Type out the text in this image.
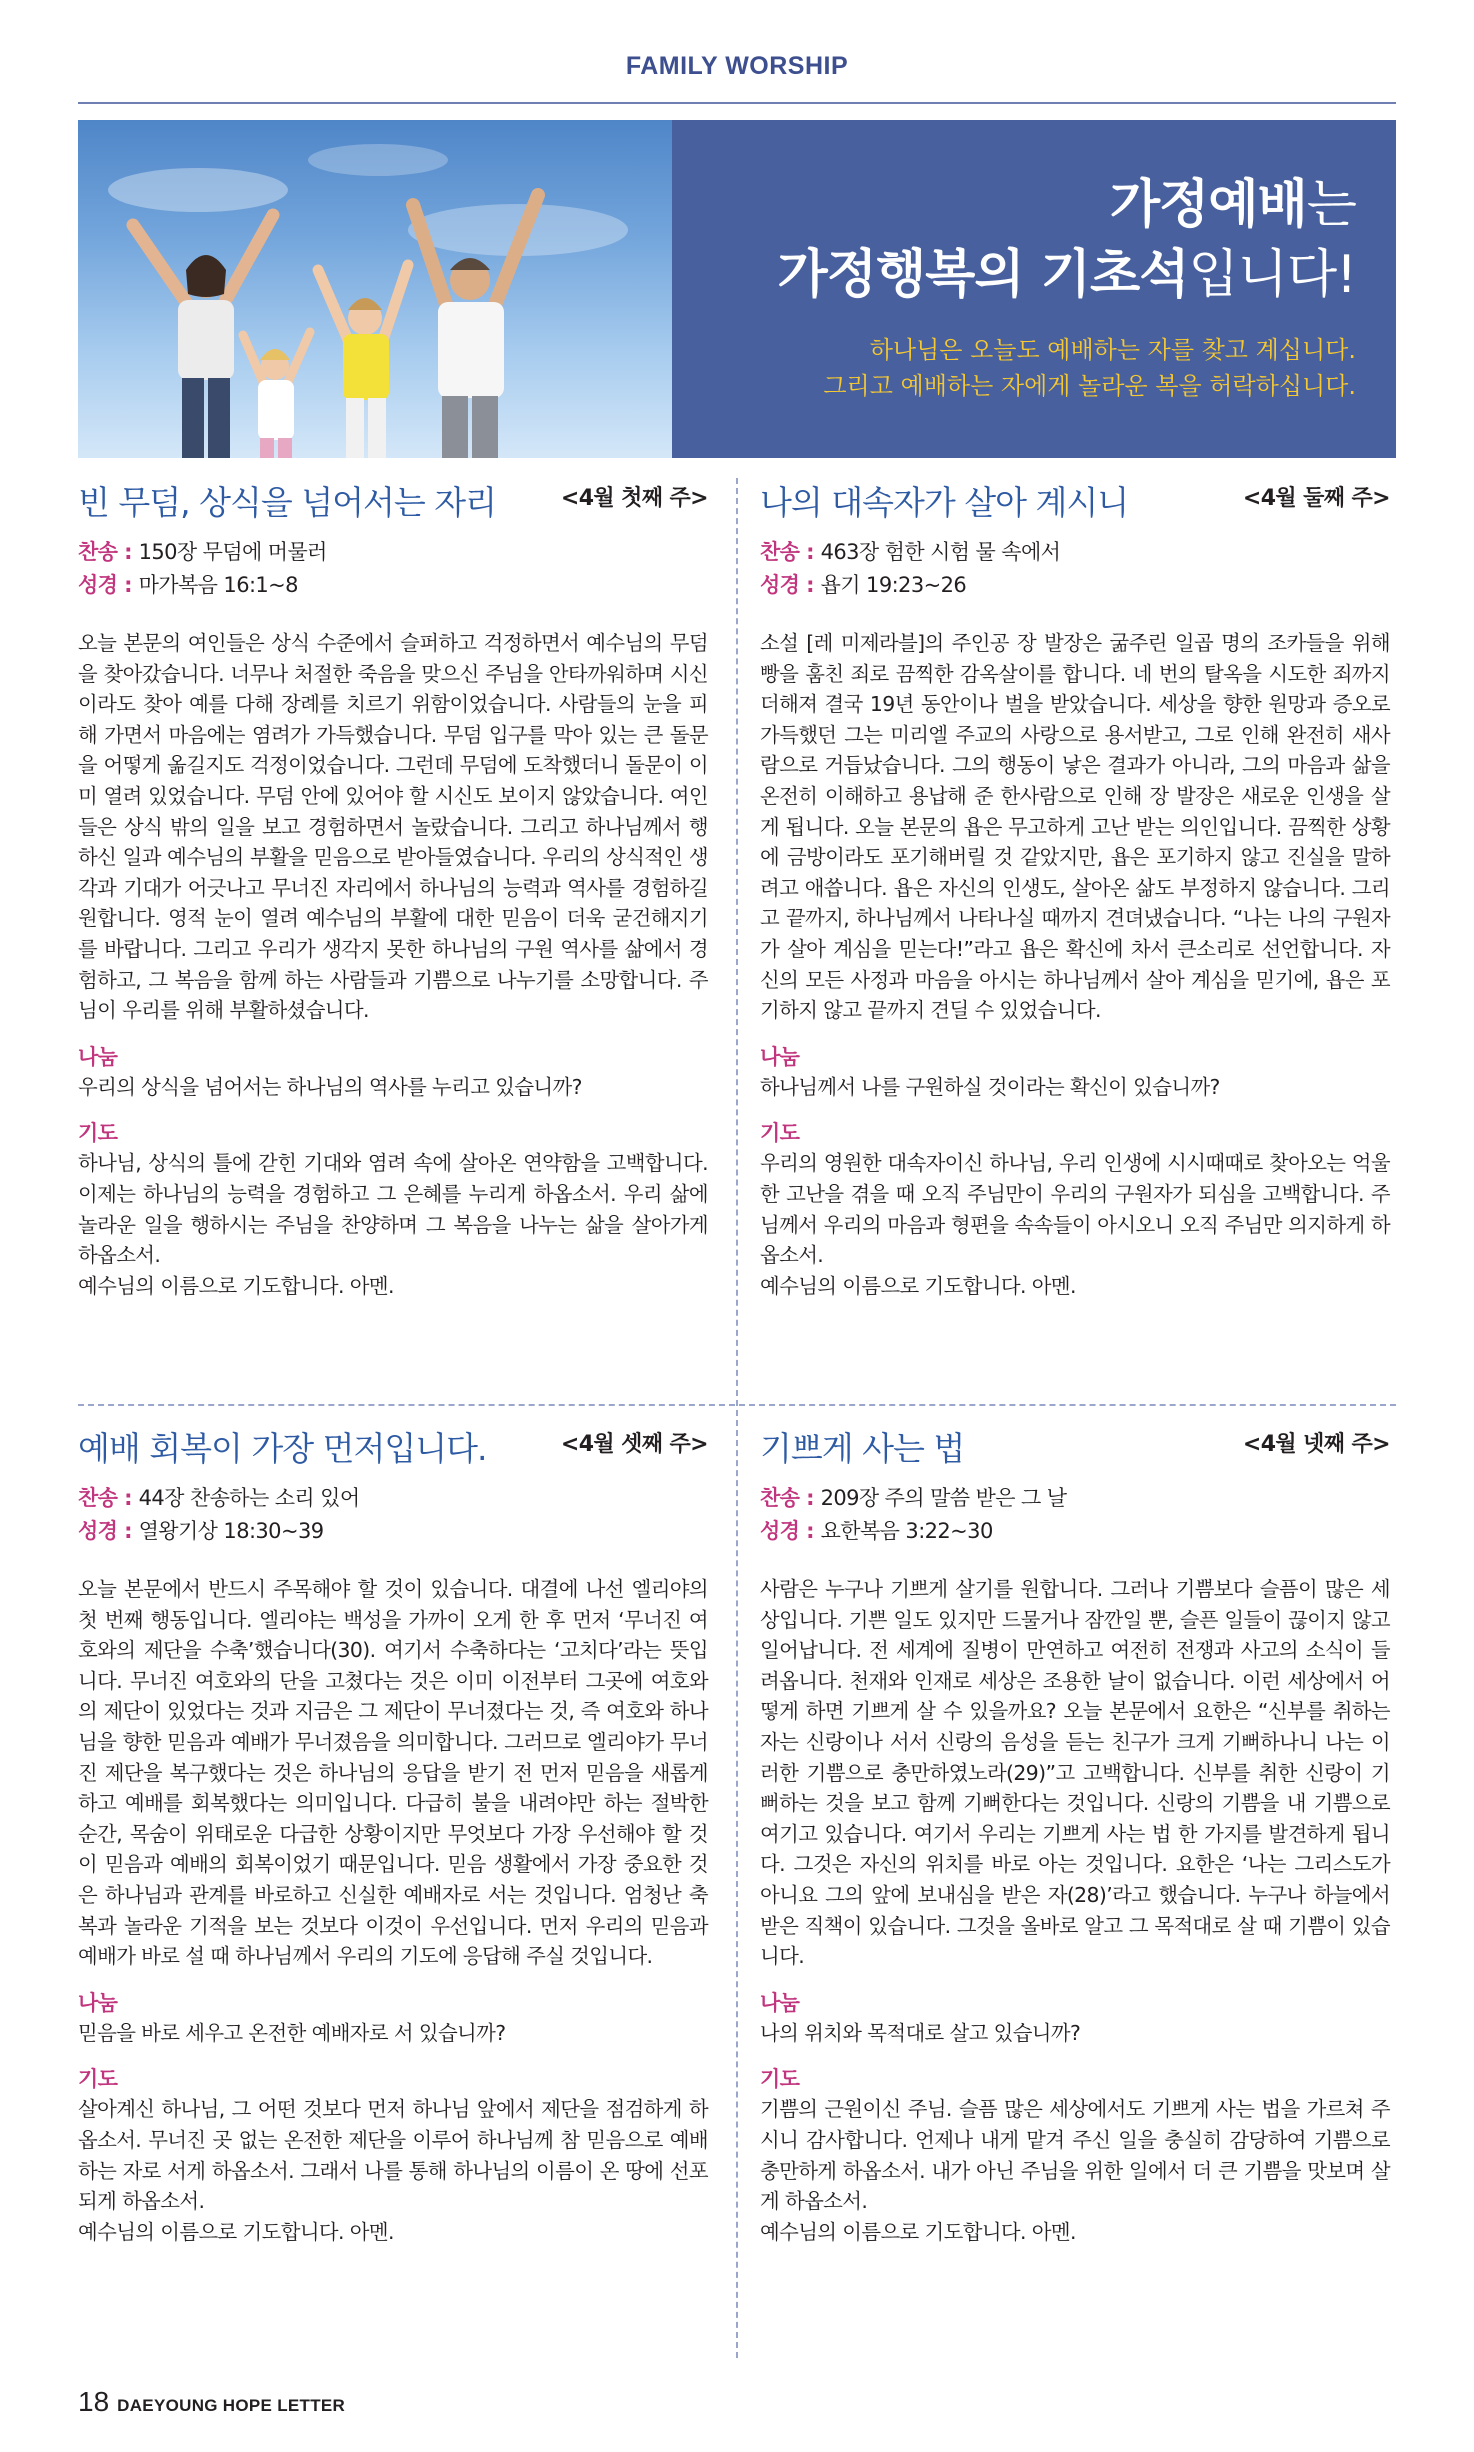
FAMILY WORSHIP
가정예배는
가정행복의 기초석입니다!
하나님은 오늘도 예배하는 자를 찾고 계십니다.
그리고 예배하는 자에게 놀라운 복을 허락하십니다.
빈 무덤, 상식을 넘어서는 자리	<4월 첫째 주>
찬송 : 150장 무덤에 머물러
성경 : 마가복음 16:1~8
오늘 본문의 여인들은 상식 수준에서 슬퍼하고 걱정하면서 예수님의 무덤을 찾아갔습니다. 너무나 처절한 죽음을 맞으신 주님을 안타까워하며 시신이라도 찾아 예를 다해 장례를 치르기 위함이었습니다. 사람들의 눈을 피해 가면서 마음에는 염려가 가득했습니다. 무덤 입구를 막아 있는 큰 돌문을 어떻게 옮길지도 걱정이었습니다. 그런데 무덤에 도착했더니 돌문이 이미 열려 있었습니다. 무덤 안에 있어야 할 시신도 보이지 않았습니다. 여인들은 상식 밖의 일을 보고 경험하면서 놀랐습니다. 그리고 하나님께서 행하신 일과 예수님의 부활을 믿음으로 받아들였습니다. 우리의 상식적인 생각과 기대가 어긋나고 무너진 자리에서 하나님의 능력과 역사를 경험하길 원합니다. 영적 눈이 열려 예수님의 부활에 대한 믿음이 더욱 굳건해지기를 바랍니다. 그리고 우리가 생각지 못한 하나님의 구원 역사를 삶에서 경험하고, 그 복음을 함께 하는 사람들과 기쁨으로 나누기를 소망합니다. 주님이 우리를 위해 부활하셨습니다.
나눔
우리의 상식을 넘어서는 하나님의 역사를 누리고 있습니까?
기도
하나님, 상식의 틀에 갇힌 기대와 염려 속에 살아온 연약함을 고백합니다. 이제는 하나님의 능력을 경험하고 그 은혜를 누리게 하옵소서. 우리 삶에 놀라운 일을 행하시는 주님을 찬양하며 그 복음을 나누는 삶을 살아가게 하옵소서.
예수님의 이름으로 기도합니다. 아멘.
나의 대속자가 살아 계시니	<4월 둘째 주>
찬송 : 463장 험한 시험 물 속에서
성경 : 욥기 19:23~26
소설 [레 미제라블]의 주인공 장 발장은 굶주린 일곱 명의 조카들을 위해 빵을 훔친 죄로 끔찍한 감옥살이를 합니다. 네 번의 탈옥을 시도한 죄까지 더해져 결국 19년 동안이나 벌을 받았습니다. 세상을 향한 원망과 증오로 가득했던 그는 미리엘 주교의 사랑으로 용서받고, 그로 인해 완전히 새사람으로 거듭났습니다. 그의 행동이 낳은 결과가 아니라, 그의 마음과 삶을 온전히 이해하고 용납해 준 한사람으로 인해 장 발장은 새로운 인생을 살게 됩니다. 오늘 본문의 욥은 무고하게 고난 받는 의인입니다. 끔찍한 상황에 금방이라도 포기해버릴 것 같았지만, 욥은 포기하지 않고 진실을 말하려고 애씁니다. 욥은 자신의 인생도, 살아온 삶도 부정하지 않습니다. 그리고 끝까지, 하나님께서 나타나실 때까지 견뎌냈습니다. “나는 나의 구원자가 살아 계심을 믿는다!”라고 욥은 확신에 차서 큰소리로 선언합니다. 자신의 모든 사정과 마음을 아시는 하나님께서 살아 계심을 믿기에, 욥은 포기하지 않고 끝까지 견딜 수 있었습니다.
나눔
하나님께서 나를 구원하실 것이라는 확신이 있습니까?
기도
우리의 영원한 대속자이신 하나님, 우리 인생에 시시때때로 찾아오는 억울한 고난을 겪을 때 오직 주님만이 우리의 구원자가 되심을 고백합니다. 주님께서 우리의 마음과 형편을 속속들이 아시오니 오직 주님만 의지하게 하옵소서.
예수님의 이름으로 기도합니다. 아멘.
예배 회복이 가장 먼저입니다.	<4월 셋째 주>
찬송 : 44장 찬송하는 소리 있어
성경 : 열왕기상 18:30~39
오늘 본문에서 반드시 주목해야 할 것이 있습니다. 대결에 나선 엘리야의 첫 번째 행동입니다. 엘리야는 백성을 가까이 오게 한 후 먼저 ‘무너진 여호와의 제단을 수축’했습니다(30). 여기서 수축하다는 ‘고치다’라는 뜻입니다. 무너진 여호와의 단을 고쳤다는 것은 이미 이전부터 그곳에 여호와의 제단이 있었다는 것과 지금은 그 제단이 무너졌다는 것, 즉 여호와 하나님을 향한 믿음과 예배가 무너졌음을 의미합니다. 그러므로 엘리야가 무너진 제단을 복구했다는 것은 하나님의 응답을 받기 전 먼저 믿음을 새롭게 하고 예배를 회복했다는 의미입니다. 다급히 불을 내려야만 하는 절박한 순간, 목숨이 위태로운 다급한 상황이지만 무엇보다 가장 우선해야 할 것이 믿음과 예배의 회복이었기 때문입니다. 믿음 생활에서 가장 중요한 것은 하나님과 관계를 바로하고 신실한 예배자로 서는 것입니다. 엄청난 축복과 놀라운 기적을 보는 것보다 이것이 우선입니다. 먼저 우리의 믿음과 예배가 바로 설 때 하나님께서 우리의 기도에 응답해 주실 것입니다.
나눔
믿음을 바로 세우고 온전한 예배자로 서 있습니까?
기도
살아계신 하나님, 그 어떤 것보다 먼저 하나님 앞에서 제단을 점검하게 하옵소서. 무너진 곳 없는 온전한 제단을 이루어 하나님께 참 믿음으로 예배하는 자로 서게 하옵소서. 그래서 나를 통해 하나님의 이름이 온 땅에 선포되게 하옵소서.
예수님의 이름으로 기도합니다. 아멘.
기쁘게 사는 법	<4월 넷째 주>
찬송 : 209장 주의 말씀 받은 그 날
성경 : 요한복음 3:22~30
사람은 누구나 기쁘게 살기를 원합니다. 그러나 기쁨보다 슬픔이 많은 세상입니다. 기쁜 일도 있지만 드물거나 잠깐일 뿐, 슬픈 일들이 끊이지 않고 일어납니다. 전 세계에 질병이 만연하고 여전히 전쟁과 사고의 소식이 들려옵니다. 천재와 인재로 세상은 조용한 날이 없습니다. 이런 세상에서 어떻게 하면 기쁘게 살 수 있을까요? 오늘 본문에서 요한은 “신부를 취하는 자는 신랑이나 서서 신랑의 음성을 듣는 친구가 크게 기뻐하나니 나는 이러한 기쁨으로 충만하였노라(29)”고 고백합니다. 신부를 취한 신랑이 기뻐하는 것을 보고 함께 기뻐한다는 것입니다. 신랑의 기쁨을 내 기쁨으로 여기고 있습니다. 여기서 우리는 기쁘게 사는 법 한 가지를 발견하게 됩니다. 그것은 자신의 위치를 바로 아는 것입니다. 요한은 ‘나는 그리스도가 아니요 그의 앞에 보내심을 받은 자(28)’라고 했습니다. 누구나 하늘에서 받은 직책이 있습니다. 그것을 올바로 알고 그 목적대로 살 때 기쁨이 있습니다.
나눔
나의 위치와 목적대로 살고 있습니까?
기도
기쁨의 근원이신 주님. 슬픔 많은 세상에서도 기쁘게 사는 법을 가르쳐 주시니 감사합니다. 언제나 내게 맡겨 주신 일을 충실히 감당하여 기쁨으로 충만하게 하옵소서. 내가 아닌 주님을 위한 일에서 더 큰 기쁨을 맛보며 살게 하옵소서.
예수님의 이름으로 기도합니다. 아멘.
18 DAEYOUNG HOPE LETTER
